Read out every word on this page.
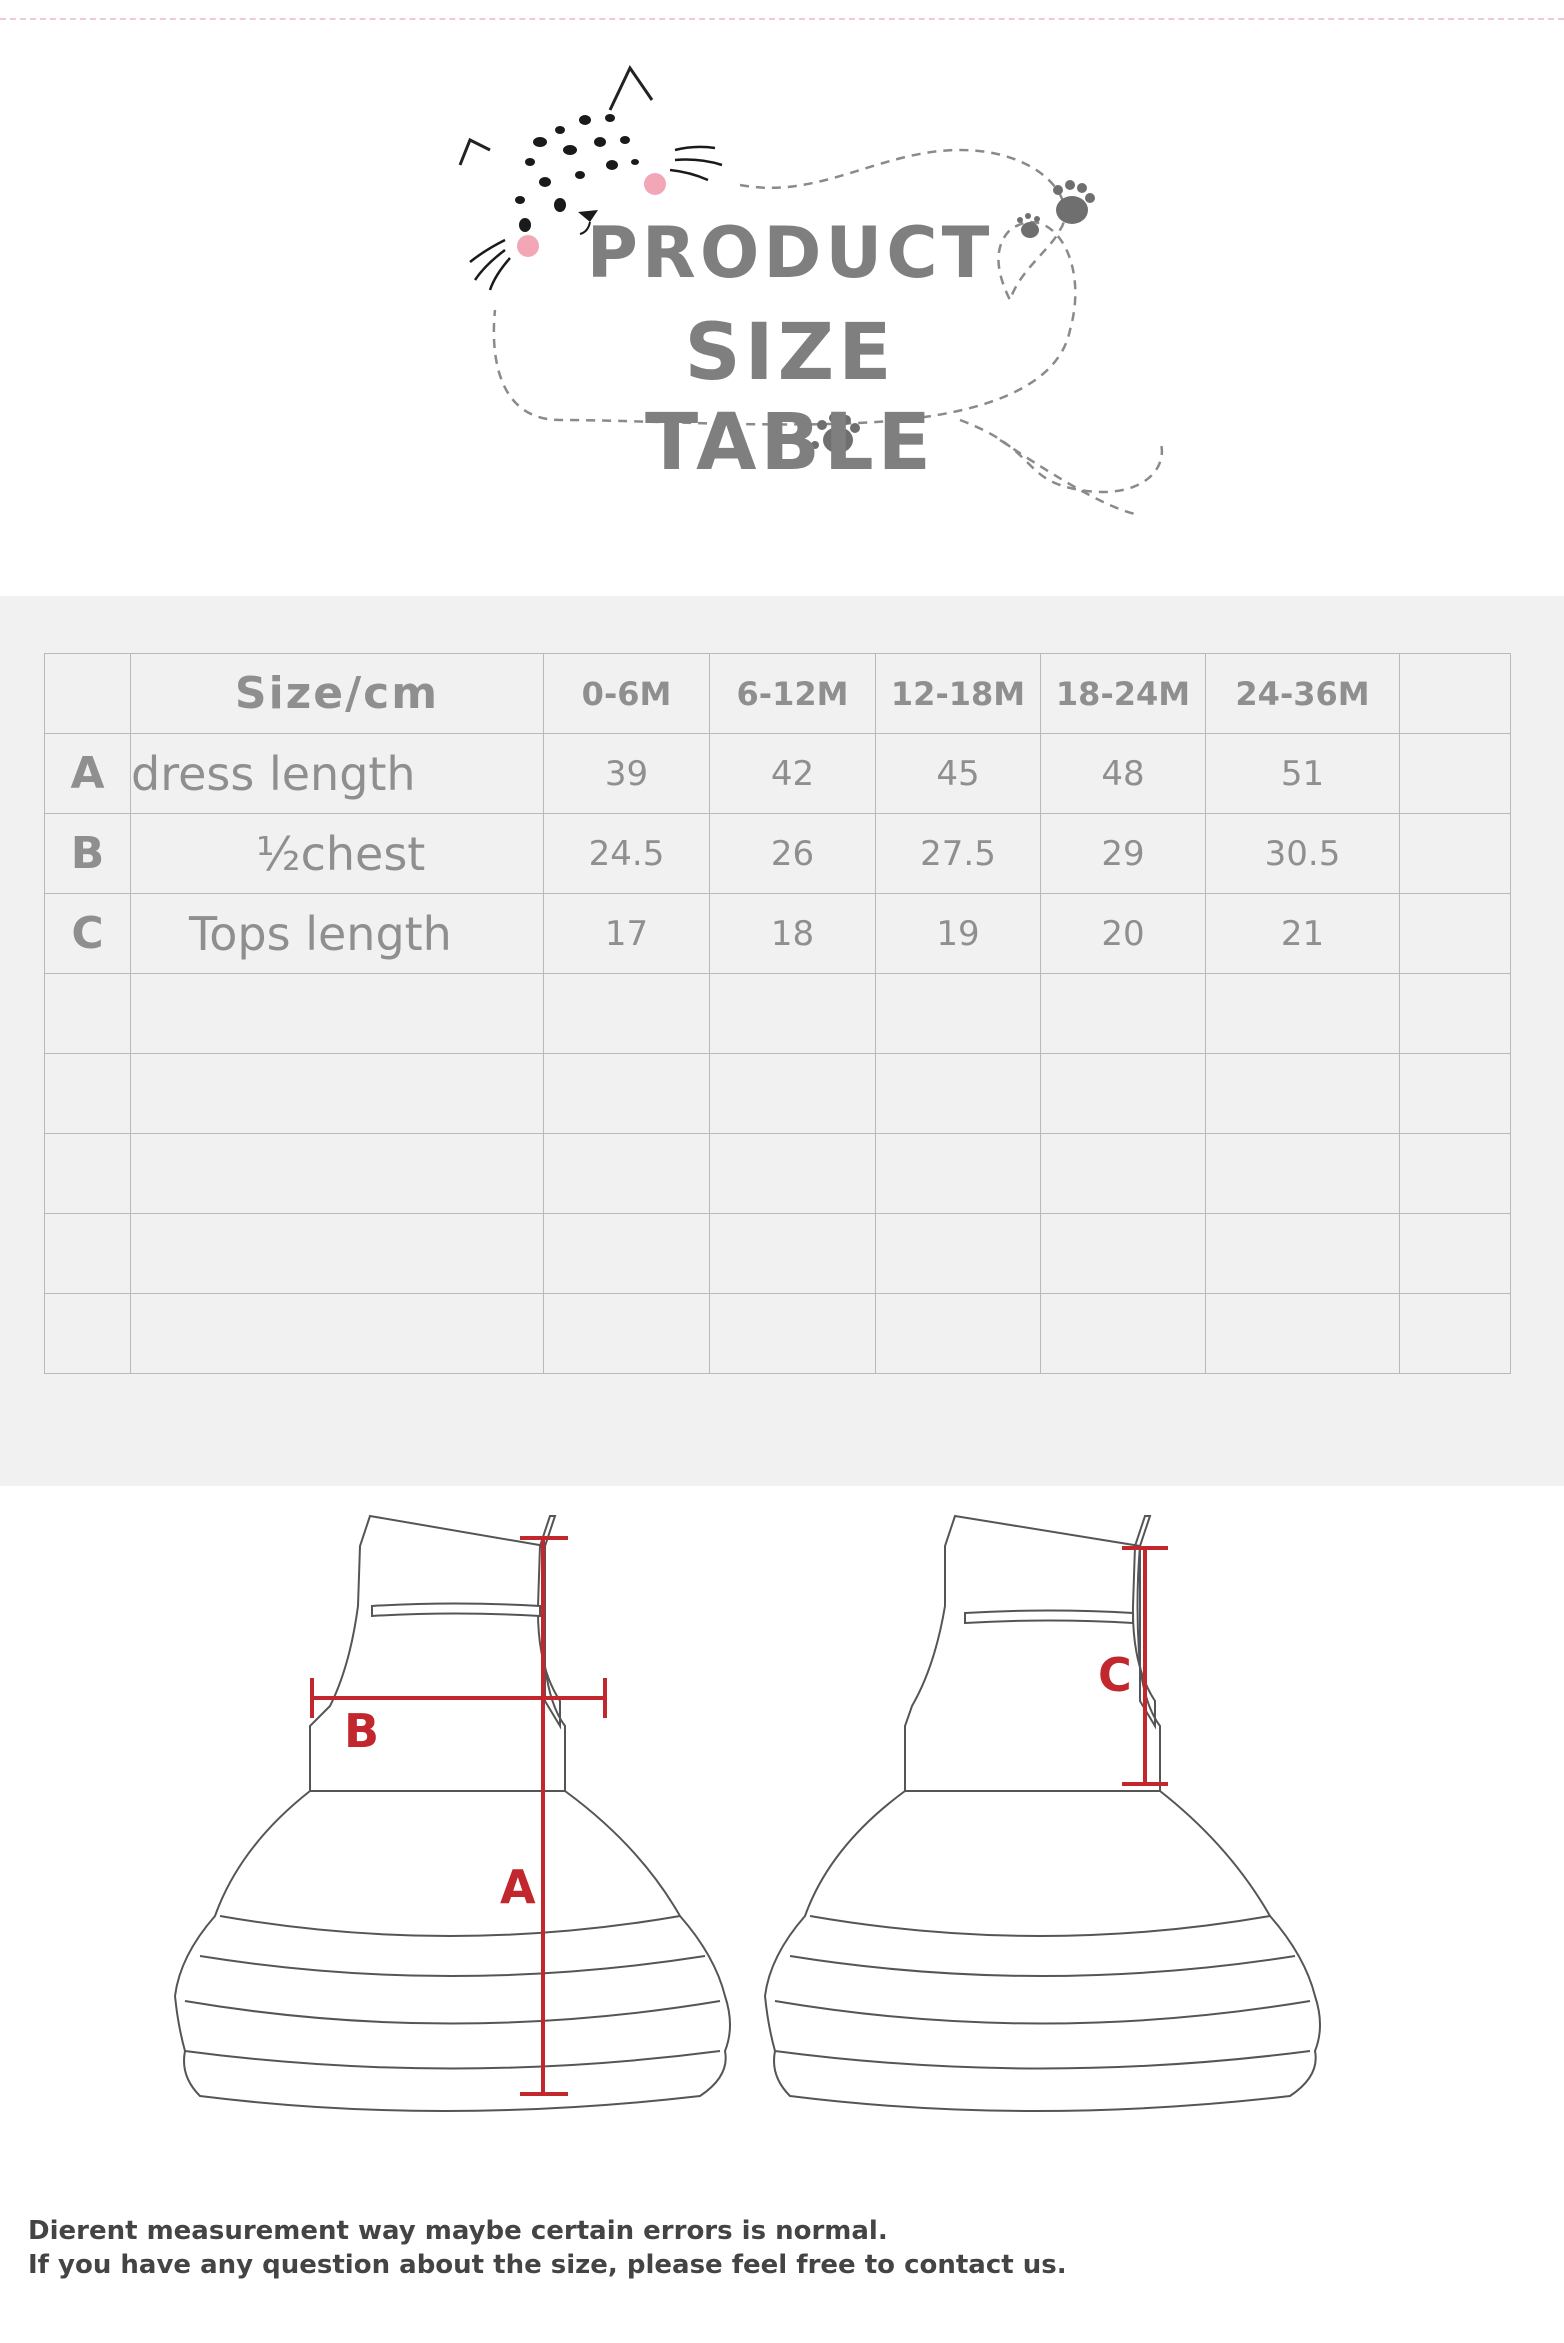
PRODUCT
SIZE TABLE
	Size/cm	0-6M	6-12M	12-18M	18-24M	24-36M	
A	dress length	39	42	45	48	51	
B	½chest	24.5	26	27.5	29	30.5	
C	Tops length	17	18	19	20	21	

A
B
C
Dierent measurement way maybe certain errors is normal.
If you have any question about the size, please feel free to contact us.
